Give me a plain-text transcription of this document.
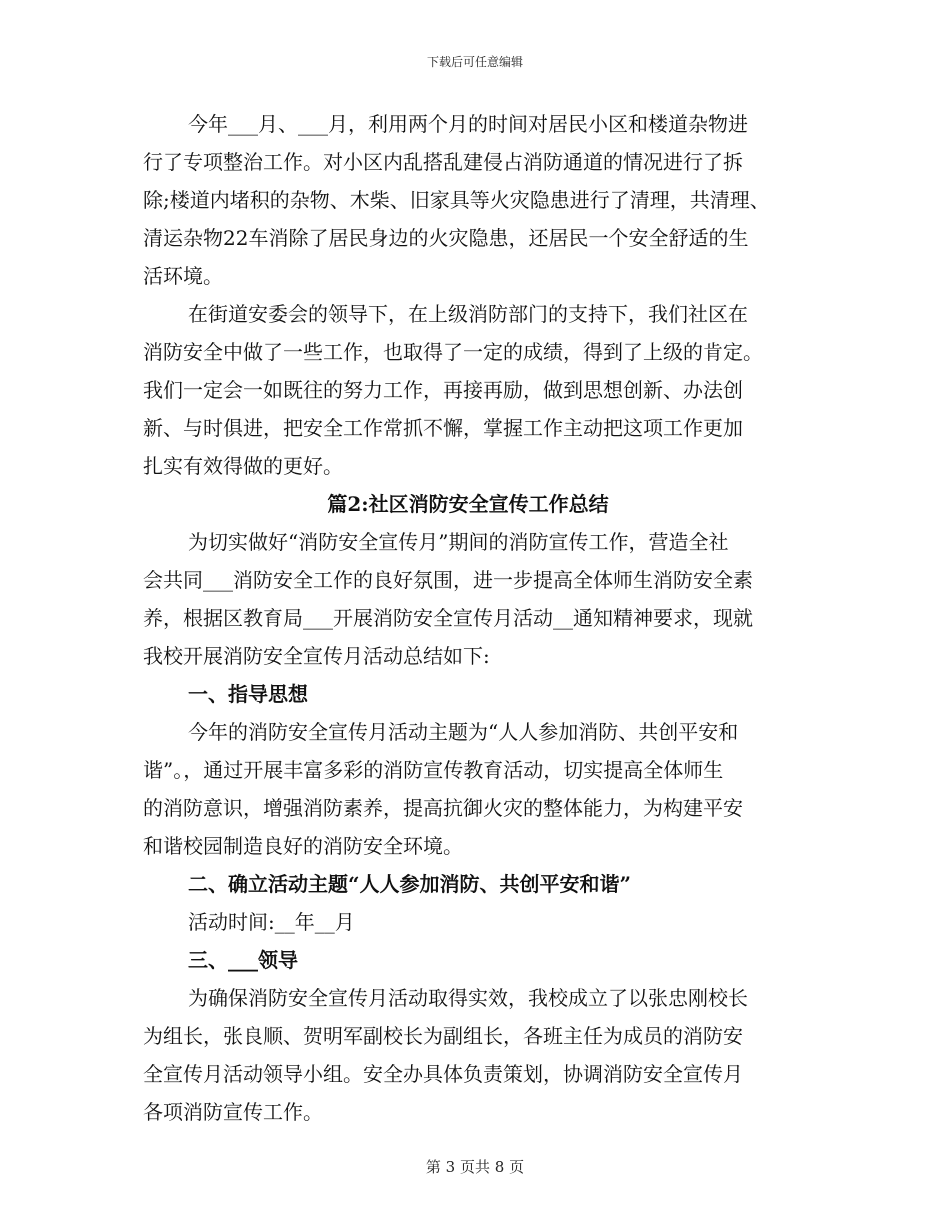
下载后可任意编辑
今年___月、___月，利用两个月的时间对居民小区和楼道杂物进
行了专项整治工作。对小区内乱搭乱建侵占消防通道的情况进行了拆
除;楼道内堵积的杂物、木柴、旧家具等火灾隐患进行了清理，共清理、
清运杂物22车消除了居民身边的火灾隐患，还居民一个安全舒适的生
活环境。
在街道安委会的领导下，在上级消防部门的支持下，我们社区在
消防安全中做了一些工作，也取得了一定的成绩，得到了上级的肯定。
我们一定会一如既往的努力工作，再接再励，做到思想创新、办法创
新、与时俱进，把安全工作常抓不懈，掌握工作主动把这项工作更加
扎实有效得做的更好。
篇2:社区消防安全宣传工作总结
为切实做好“消防安全宣传月”期间的消防宣传工作，营造全社
会共同___消防安全工作的良好氛围，进一步提高全体师生消防安全素
养，根据区教育局___开展消防安全宣传月活动__通知精神要求，现就
我校开展消防安全宣传月活动总结如下:
一、指导思想
今年的消防安全宣传月活动主题为“人人参加消防、共创平安和
谐”。，通过开展丰富多彩的消防宣传教育活动，切实提高全体师生
的消防意识，增强消防素养，提高抗御火灾的整体能力，为构建平安
和谐校园制造良好的消防安全环境。
二、确立活动主题“人人参加消防、共创平安和谐”
活动时间:__年__月
三、___领导
为确保消防安全宣传月活动取得实效，我校成立了以张忠刚校长
为组长，张良顺、贺明军副校长为副组长，各班主任为成员的消防安
全宣传月活动领导小组。安全办具体负责策划，协调消防安全宣传月
各项消防宣传工作。
第 3 页共 8 页
